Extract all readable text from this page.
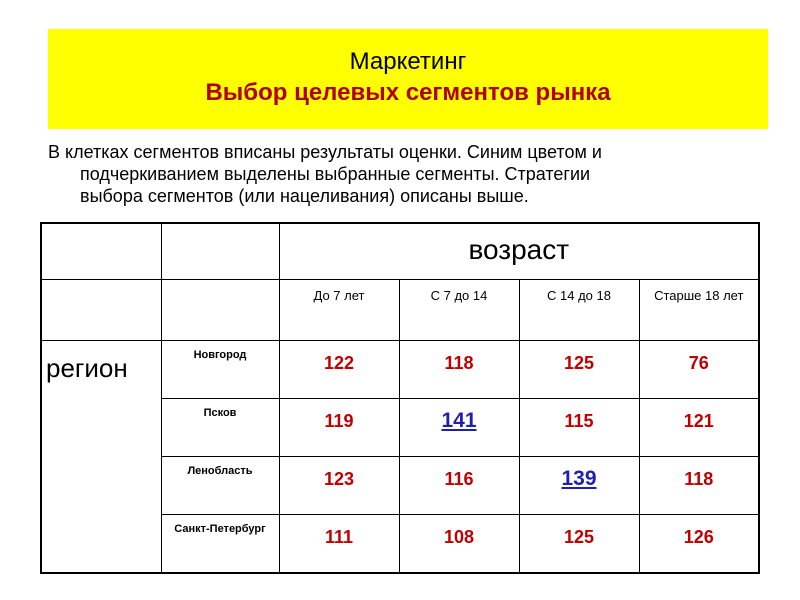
Маркетинг
Выбор целевых сегментов рынка

В клетках сегментов вписаны результаты оценки. Синим цветом и

подчеркиванием выделены выбранные сегменты. Стратегии

выбора сегментов (или нацеливания) описаны выше.

		возраст			

		До 7 лет	С 7 до 14	С 14 до 18	Старше 18 лет

регион	Новгород	122	118	125	76

	Псков	119	141	115	121

	Ленобласть	123	116	139	118

	Санкт-Петербург	111	108	125	126
